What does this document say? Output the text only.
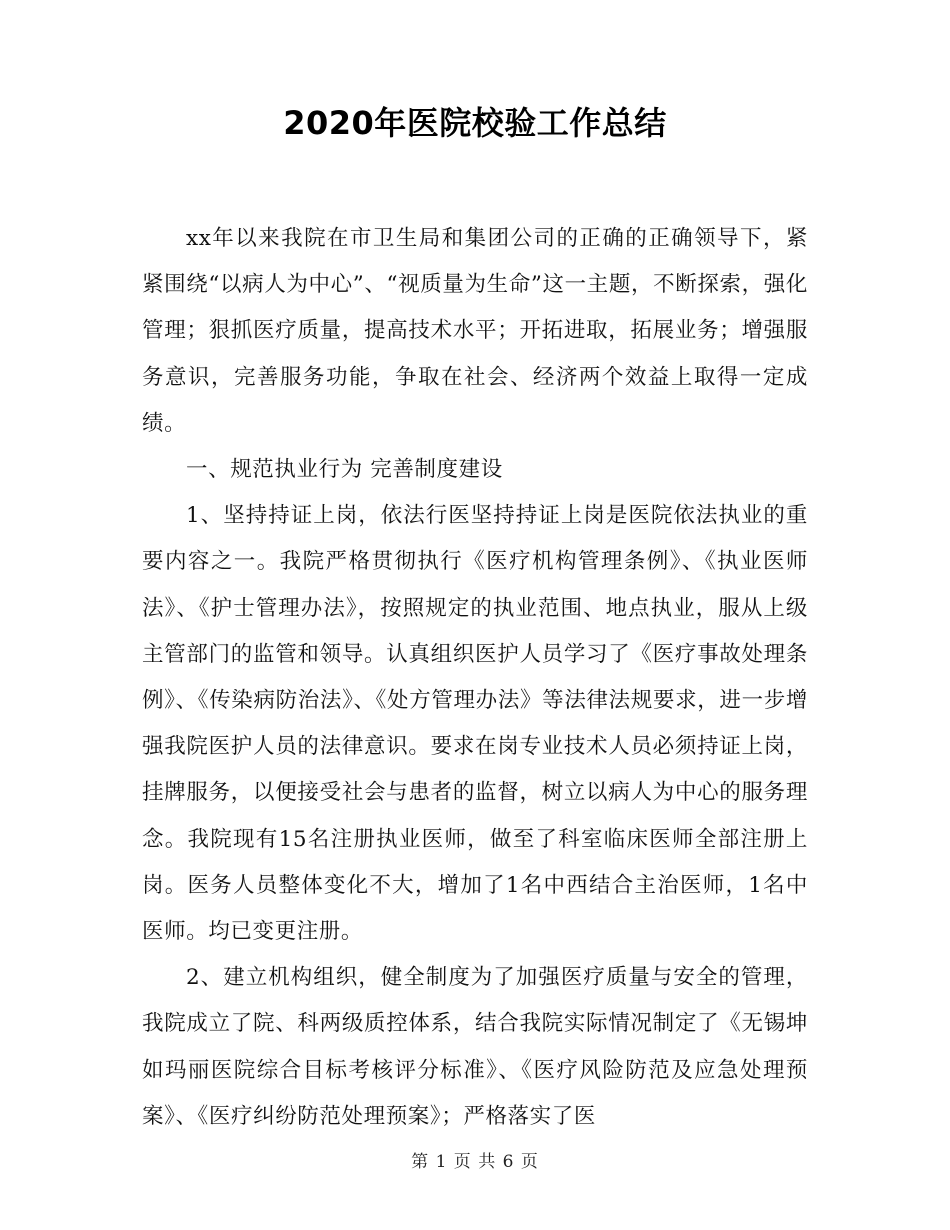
2020年医院校验工作总结

xx年以来我院在市卫生局和集团公司的正确的正确领导下，紧紧围绕“以病人为中心”、“视质量为生命”这一主题，不断探索，强化管理；狠抓医疗质量，提高技术水平；开拓进取，拓展业务；增强服务意识，完善服务功能，争取在社会、经济两个效益上取得一定成绩。

一、规范执业行为 完善制度建设

1、坚持持证上岗，依法行医坚持持证上岗是医院依法执业的重要内容之一。我院严格贯彻执行《医疗机构管理条例》、《执业医师法》、《护士管理办法》，按照规定的执业范围、地点执业，服从上级主管部门的监管和领导。认真组织医护人员学习了《医疗事故处理条例》、《传染病防治法》、《处方管理办法》等法律法规要求，进一步增强我院医护人员的法律意识。要求在岗专业技术人员必须持证上岗，挂牌服务，以便接受社会与患者的监督，树立以病人为中心的服务理念。我院现有15名注册执业医师，做至了科室临床医师全部注册上岗。医务人员整体变化不大，增加了1名中西结合主治医师，1名中医师。均已变更注册。

2、建立机构组织，健全制度为了加强医疗质量与安全的管理，我院成立了院、科两级质控体系，结合我院实际情况制定了《无锡坤如玛丽医院综合目标考核评分标准》、《医疗风险防范及应急处理预案》、《医疗纠纷防范处理预案》；严格落实了医

第 1 页 共 6 页
